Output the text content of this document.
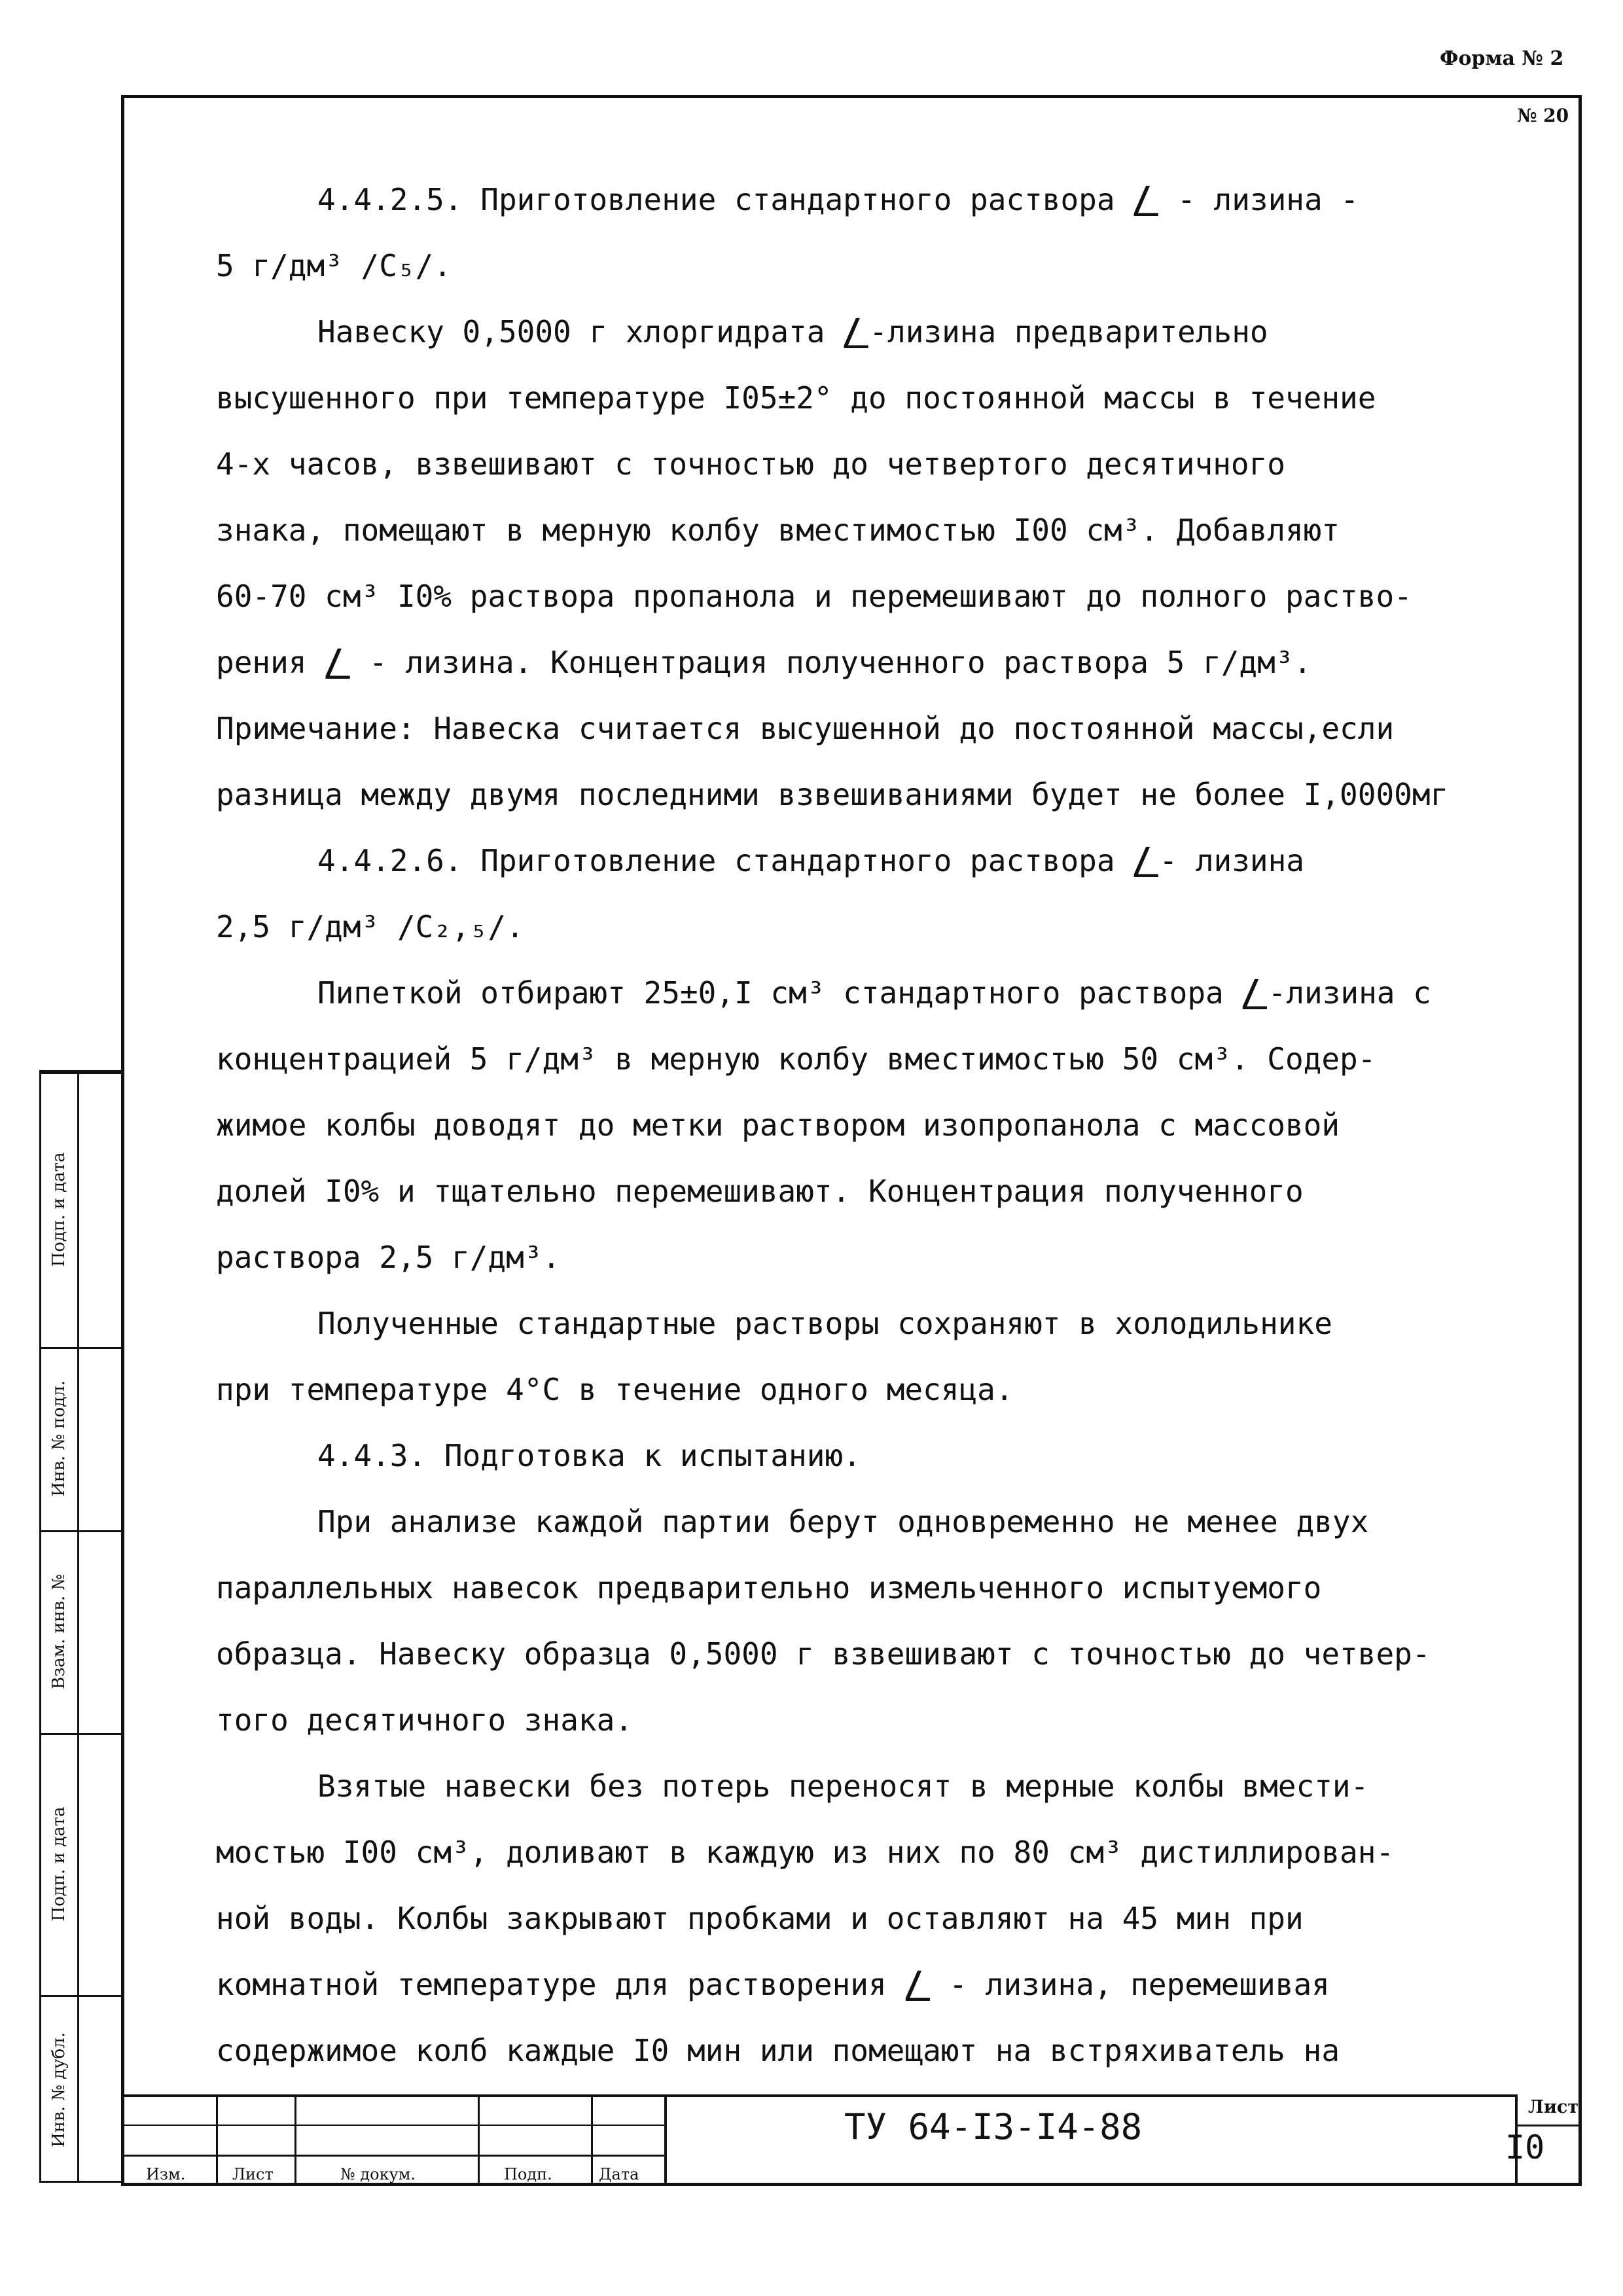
Форма № 2
№ 20
4.4.2.5. Приготовление стандартного раствора ⎳ - лизина -
5 г/дм³ /C₅/.
Навеску 0,5000 г хлоргидрата ⎳-лизина предварительно
высушенного при температуре I05±2° до постоянной массы в течение
4-х часов, взвешивают с точностью до четвертого десятичного
знака, помещают в мерную колбу вместимостью I00 см³. Добавляют
60-70 см³ I0% раствора пропанола и перемешивают до полного раство-
рения ⎳ - лизина. Концентрация полученного раствора 5 г/дм³.
Примечание: Навеска считается высушенной до постоянной массы,если
разница между двумя последними взвешиваниями будет не более I,0000мг
4.4.2.6. Приготовление стандартного раствора ⎳- лизина
2,5 г/дм³ /C₂,₅/.
Пипеткой отбирают 25±0,I см³ стандартного раствора ⎳-лизина с
концентрацией 5 г/дм³ в мерную колбу вместимостью 50 см³. Содер-
жимое колбы доводят до метки раствором изопропанола с массовой
долей I0% и тщательно перемешивают. Концентрация полученного
раствора 2,5 г/дм³.
Полученные стандартные растворы сохраняют в холодильнике
при температуре 4°C в течение одного месяца.
4.4.3. Подготовка к испытанию.
При анализе каждой партии берут одновременно не менее двух
параллельных навесок предварительно измельченного испытуемого
образца. Навеску образца 0,5000 г взвешивают с точностью до четвер-
того десятичного знака.
Взятые навески без потерь переносят в мерные колбы вмести-
мостью I00 см³, доливают в каждую из них по 80 см³ дистиллирован-
ной воды. Колбы закрывают пробками и оставляют на 45 мин при
комнатной температуре для растворения ⎳ - лизина, перемешивая
содержимое колб каждые I0 мин или помещают на встряхиватель на
Подп. и дата
Инв. № подл.
Взам. инв. №
Подп. и дата
Инв. № дубл.
Изм.	Лист	№ докум.	Подп.	Дата
ТУ 64-I3-I4-88	Лист
I0
